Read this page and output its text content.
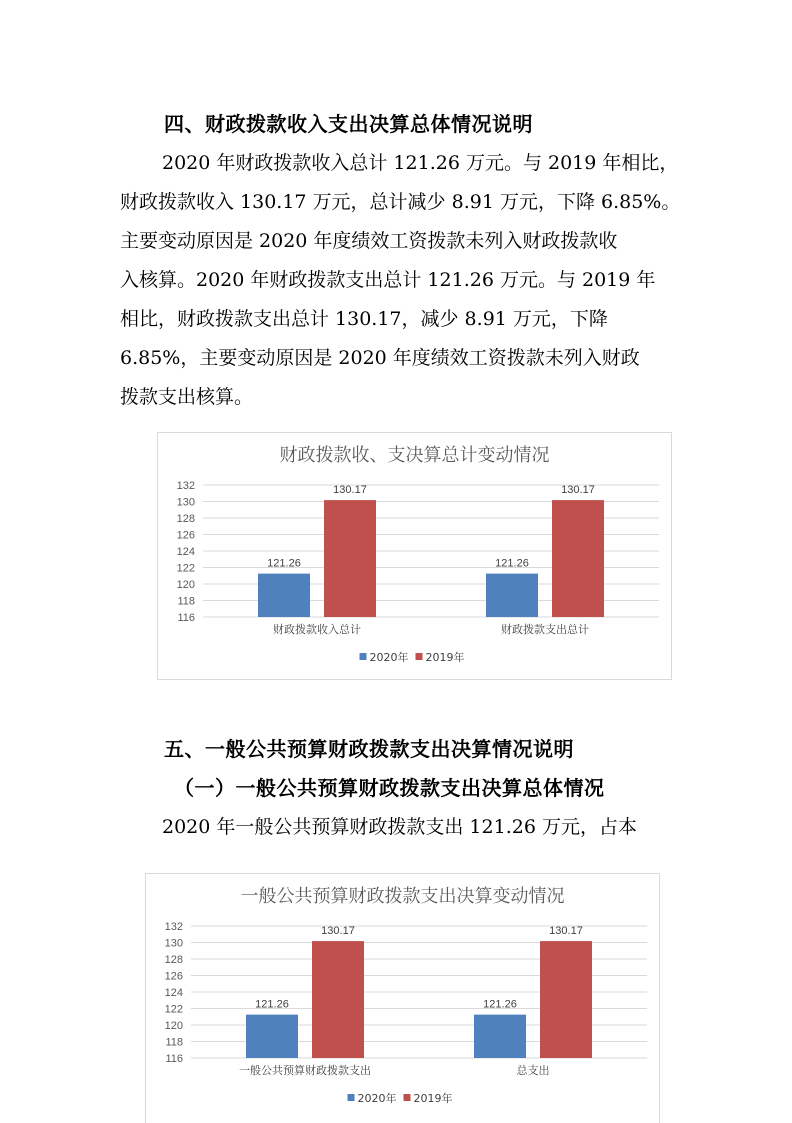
四、财政拨款收入支出决算总体情况说明
2020 年财政拨款收入总计 121.26 万元。与 2019 年相比，
财政拨款收入 130.17 万元，总计减少 8.91 万元，下降 6.85%。
主要变动原因是 2020 年度绩效工资拨款未列入财政拨款收
入核算。2020 年财政拨款支出总计 121.26 万元。与 2019 年
相比，财政拨款支出总计 130.17，减少 8.91 万元，下降
6.85%，主要变动原因是 2020 年度绩效工资拨款未列入财政
拨款支出核算。
财政拨款收、支决算总计变动情况
116
118
120
122
124
126
128
130
132
121.26
130.17
财政拨款收入总计
121.26
130.17
财政拨款支出总计
2020年 2019年
五、一般公共预算财政拨款支出决算情况说明
（一）一般公共预算财政拨款支出决算总体情况
2020 年一般公共预算财政拨款支出 121.26 万元，占本
一般公共预算财政拨款支出决算变动情况
116
118
120
122
124
126
128
130
132
121.26
130.17
一般公共预算财政拨款支出
121.26
130.17
总支出
2020年 2019年
